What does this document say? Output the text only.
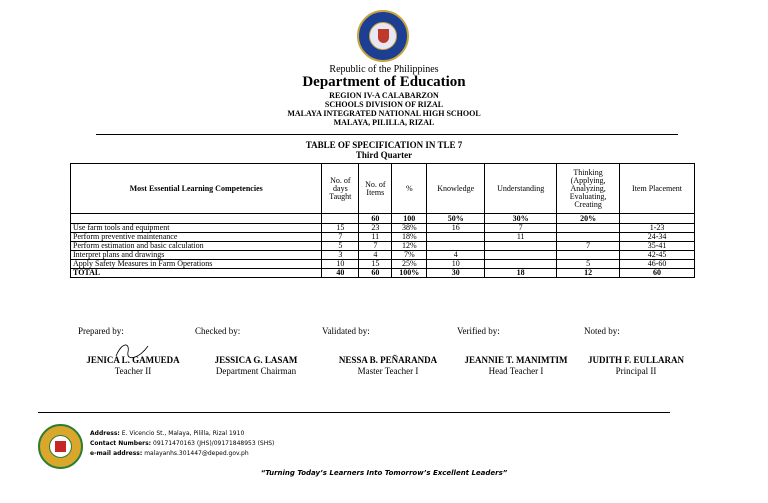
Republic of the Philippines
Department of Education
REGION IV-A CALABARZON
SCHOOLS DIVISION OF RIZAL
MALAYA INTEGRATED NATIONAL HIGH SCHOOL
MALAYA, PILILLA, RIZAL
TABLE OF SPECIFICATION IN TLE 7
Third Quarter
Most Essential Learning Competencies	No. of days Taught	No. of Items	%	Knowledge	Understanding	Thinking (Applying, Analyzing, Evaluating, Creating	Item Placement
		60	100	50%	30%	20%	
Use farm tools and equipment	15	23	38%	16	7		1-23
Perform preventive maintenance	7	11	18%		11		24-34
Perform estimation and basic calculation	5	7	12%			7	35-41
Interpret plans and drawings	3	4	7%	4			42-45
Apply Safety Measures in Farm Operations	10	15	25%	10		5	46-60
TOTAL	40	60	100%	30	18	12	60
Prepared by:	Checked by:	Validated by:	Verified by:	Noted by:
JENICA L. GAMUEDA
Teacher II
JESSICA G. LASAM
Department Chairman
NESSA B. PEÑARANDA
Master Teacher I
JEANNIE T. MANIMTIM
Head Teacher I
JUDITH F. EULLARAN
Principal II
Address: E. Vicencio St., Malaya, Pililla, Rizal 1910
Contact Numbers: 09171470163 (JHS)/09171848953 (SHS)
e-mail address: malayanhs.301447@deped.gov.ph
“Turning Today’s Learners Into Tomorrow’s Excellent Leaders”
